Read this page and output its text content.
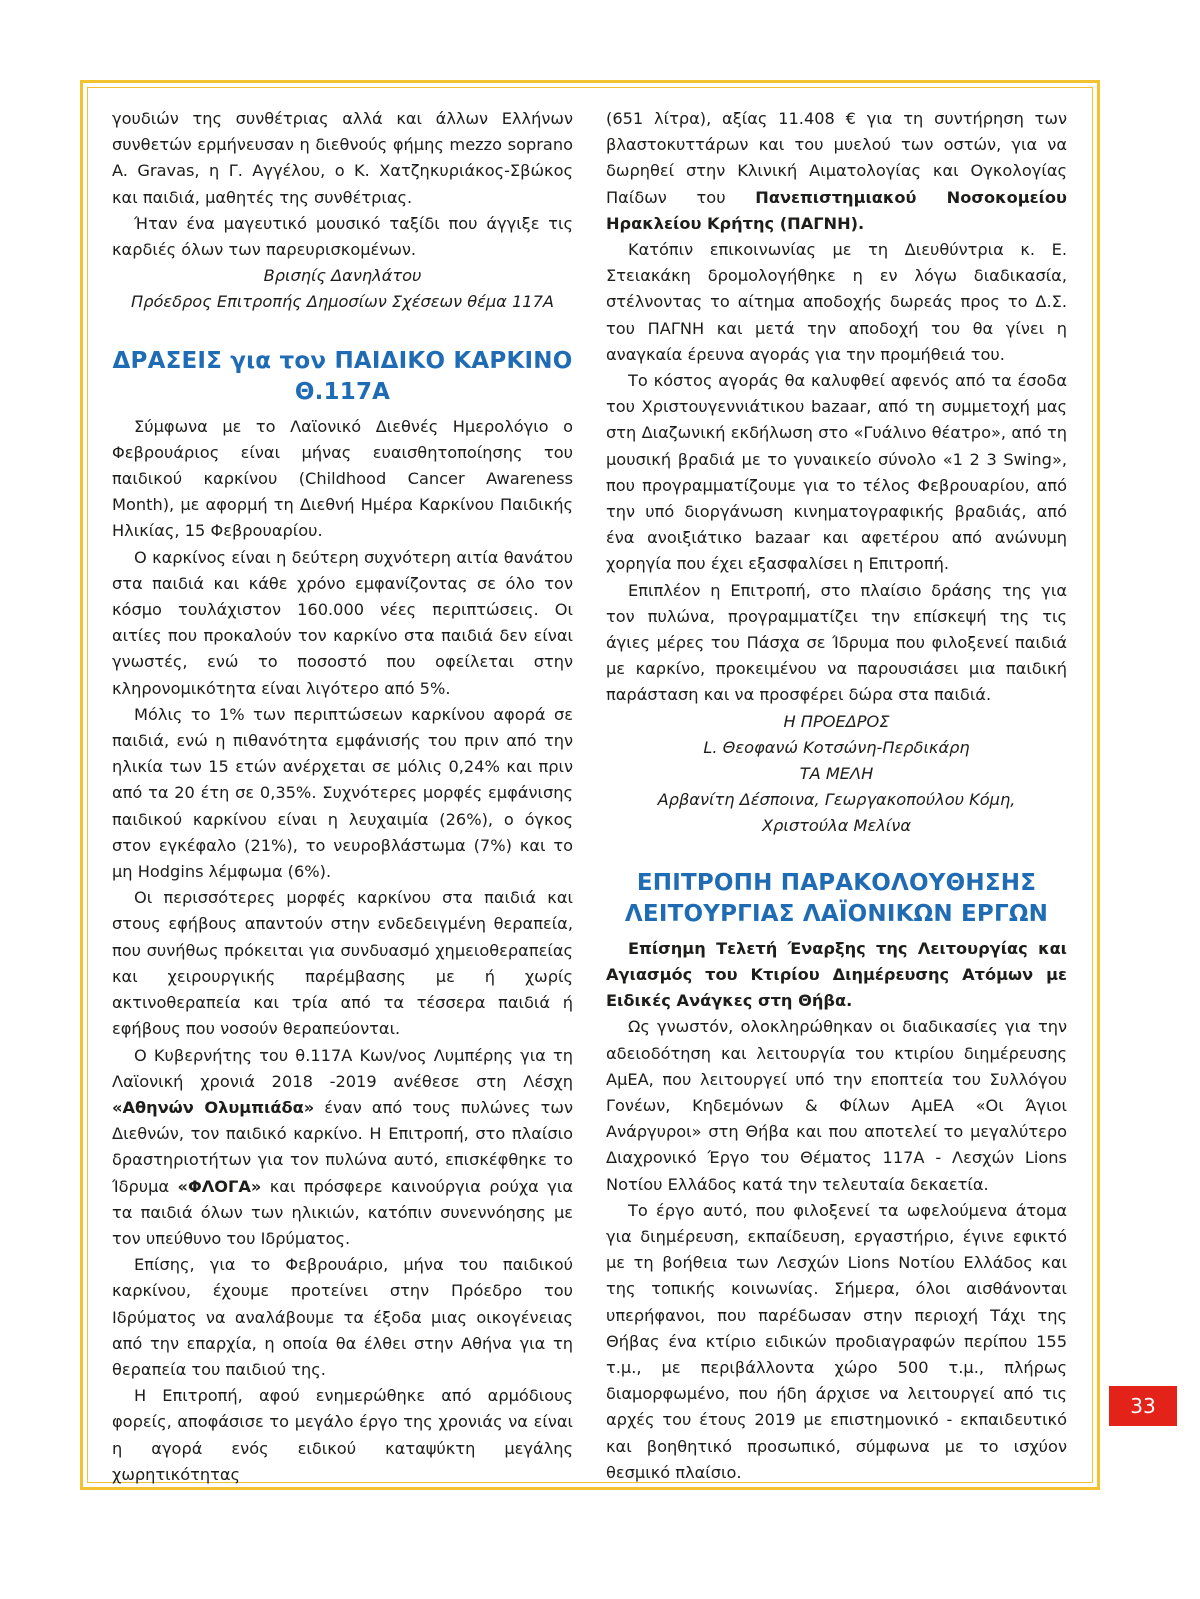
γουδιών της συνθέτριας αλλά και άλλων Ελλήνων συνθετών ερμήνευσαν η διεθνούς φήμης mezzo soprano A. Gravas, η Γ. Αγγέλου, ο Κ. Χατζηκυριάκος-Σβώκος και παιδιά, μαθητές της συνθέτριας.

Ήταν ένα μαγευτικό μουσικό ταξίδι που άγγιξε τις καρδιές όλων των παρευρισκομένων.

Βρισηίς Δανηλάτου
Πρόεδρος Επιτροπής Δημοσίων Σχέσεων θέμα 117Α
ΔΡΑΣΕΙΣ για τον ΠΑΙΔΙΚΟ ΚΑΡΚΙΝΟ
Θ.117Α

Σύμφωνα με το Λαϊονικό Διεθνές Ημερολόγιο ο Φεβρουάριος είναι μήνας ευαισθητοποίησης του παιδικού καρκίνου (Childhood Cancer Awareness Month), με αφορμή τη Διεθνή Ημέρα Καρκίνου Παιδικής Ηλικίας, 15 Φεβρουαρίου.

Ο καρκίνος είναι η δεύτερη συχνότερη αιτία θανάτου στα παιδιά και κάθε χρόνο εμφανίζοντας σε όλο τον κόσμο τουλάχιστον 160.000 νέες περιπτώσεις. Οι αιτίες που προκαλούν τον καρκίνο στα παιδιά δεν είναι γνωστές, ενώ το ποσοστό που οφείλεται στην κληρονομικότητα είναι λιγότερο από 5%.

Μόλις το 1% των περιπτώσεων καρκίνου αφορά σε παιδιά, ενώ η πιθανότητα εμφάνισής του πριν από την ηλικία των 15 ετών ανέρχεται σε μόλις 0,24% και πριν από τα 20 έτη σε 0,35%. Συχνότερες μορφές εμφάνισης παιδικού καρκίνου είναι η λευχαιμία (26%), ο όγκος στον εγκέφαλο (21%), το νευροβλάστωμα (7%) και το μη Hodgins λέμφωμα (6%).

Οι περισσότερες μορφές καρκίνου στα παιδιά και στους εφήβους απαντούν στην ενδεδειγμένη θεραπεία, που συνήθως πρόκειται για συνδυασμό χημειοθεραπείας και χειρουργικής παρέμβασης με ή χωρίς ακτινοθεραπεία και τρία από τα τέσσερα παιδιά ή εφήβους που νοσούν θεραπεύονται.

Ο Κυβερνήτης του θ.117Α Κων/νος Λυμπέρης για τη Λαϊονική χρονιά 2018 -2019 ανέθεσε στη Λέσχη «Αθηνών Ολυμπιάδα» έναν από τους πυλώνες των Διεθνών, τον παιδικό καρκίνο. Η Επιτροπή, στο πλαίσιο δραστηριοτήτων για τον πυλώνα αυτό, επισκέφθηκε το Ίδρυμα «ΦΛΟΓΑ» και πρόσφερε καινούργια ρούχα για τα παιδιά όλων των ηλικιών, κατόπιν συνεννόησης με τον υπεύθυνο του Ιδρύματος.

Επίσης, για το Φεβρουάριο, μήνα του παιδικού καρκίνου, έχουμε προτείνει στην Πρόεδρο του Ιδρύματος να αναλάβουμε τα έξοδα μιας οικογένειας από την επαρχία, η οποία θα έλθει στην Αθήνα για τη θεραπεία του παιδιού της.

Η Επιτροπή, αφού ενημερώθηκε από αρμόδιους φορείς, αποφάσισε το μεγάλο έργο της χρονιάς να είναι η αγορά ενός ειδικού καταψύκτη μεγάλης χωρητικότητας

(651 λίτρα), αξίας 11.408 € για τη συντήρηση των βλαστοκυττάρων και του μυελού των οστών, για να δωρηθεί στην Κλινική Αιματολογίας και Ογκολογίας Παίδων του Πανεπιστημιακού Νοσοκομείου Ηρακλείου Κρήτης (ΠΑΓΝΗ).

Κατόπιν επικοινωνίας με τη Διευθύντρια κ. Ε. Στειακάκη δρομολογήθηκε η εν λόγω διαδικασία, στέλνοντας το αίτημα αποδοχής δωρεάς προς το Δ.Σ. του ΠΑΓΝΗ και μετά την αποδοχή του θα γίνει η αναγκαία έρευνα αγοράς για την προμήθειά του.

Το κόστος αγοράς θα καλυφθεί αφενός από τα έσοδα του Χριστουγεννιάτικου bazaar, από τη συμμετοχή μας στη Διαζωνική εκδήλωση στο «Γυάλινο θέατρο», από τη μουσική βραδιά με το γυναικείο σύνολο «1 2 3 Swing», που προγραμματίζουμε για το τέλος Φεβρουαρίου, από την υπό διοργάνωση κινηματογραφικής βραδιάς, από ένα ανοιξιάτικο bazaar και αφετέρου από ανώνυμη χορηγία που έχει εξασφαλίσει η Επιτροπή.

Επιπλέον η Επιτροπή, στο πλαίσιο δράσης της για τον πυλώνα, προγραμματίζει την επίσκεψή της τις άγιες μέρες του Πάσχα σε Ίδρυμα που φιλοξενεί παιδιά με καρκίνο, προκειμένου να παρουσιάσει μια παιδική παράσταση και να προσφέρει δώρα στα παιδιά.

Η ΠΡΟΕΔΡΟΣ
L. Θεοφανώ Κοτσώνη-Περδικάρη
ΤΑ ΜΕΛΗ
Αρβανίτη Δέσποινα, Γεωργακοπούλου Κόμη,
Χριστούλα Μελίνα
ΕΠΙΤΡΟΠΗ ΠΑΡΑΚΟΛΟΥΘΗΣΗΣ
ΛΕΙΤΟΥΡΓΙΑΣ ΛΑΪΟΝΙΚΩΝ ΕΡΓΩΝ

Επίσημη Τελετή Έναρξης της Λειτουργίας και Αγιασμός του Κτιρίου Διημέρευσης Ατόμων με Ειδικές Ανάγκες στη Θήβα.

Ως γνωστόν, ολοκληρώθηκαν οι διαδικασίες για την αδειοδότηση και λειτουργία του κτιρίου διημέρευσης ΑμΕΑ, που λειτουργεί υπό την εποπτεία του Συλλόγου Γονέων, Κηδεμόνων & Φίλων ΑμΕΑ «Οι Άγιοι Ανάργυροι» στη Θήβα και που αποτελεί το μεγαλύτερο Διαχρονικό Έργο του Θέματος 117Α - Λεσχών Lions Νοτίου Ελλάδος κατά την τελευταία δεκαετία.

Το έργο αυτό, που φιλοξενεί τα ωφελούμενα άτομα για διημέρευση, εκπαίδευση, εργαστήριο, έγινε εφικτό με τη βοήθεια των Λεσχών Lions Νοτίου Ελλάδος και της τοπικής κοινωνίας. Σήμερα, όλοι αισθάνονται υπερήφανοι, που παρέδωσαν στην περιοχή Τάχι της Θήβας ένα κτίριο ειδικών προδιαγραφών περίπου 155 τ.μ., με περιβάλλοντα χώρο 500 τ.μ., πλήρως διαμορφωμένο, που ήδη άρχισε να λειτουργεί από τις αρχές του έτους 2019 με επιστημονικό - εκπαιδευτικό και βοηθητικό προσωπικό, σύμφωνα με το ισχύον θεσμικό πλαίσιο.

33
